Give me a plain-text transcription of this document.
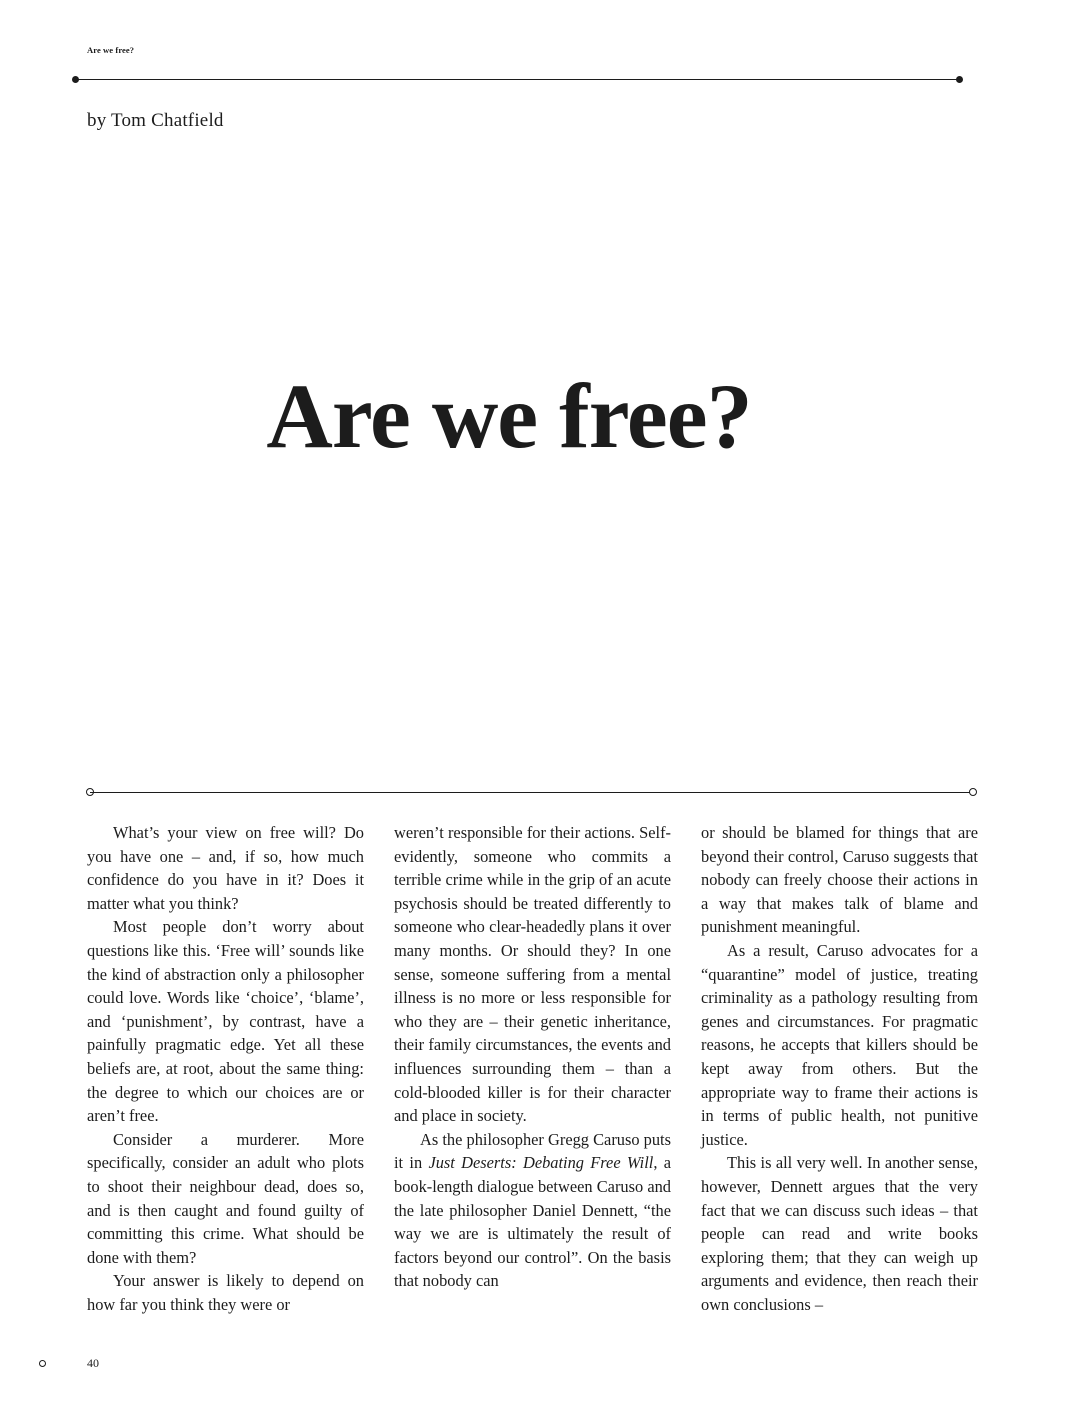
Are we free?
by Tom Chatfield
Are we free?

What’s your view on free will? Do you have one – and, if so, how much confidence do you have in it? Does it matter what you think?

Most people don’t worry about questions like this. ‘Free will’ sounds like the kind of abstraction only a philosopher could love. Words like ‘choice’, ‘blame’, and ‘punishment’, by contrast, have a painfully pragmatic edge. Yet all these beliefs are, at root, about the same thing: the degree to which our choices are or aren’t free.

Consider a murderer. More specifically, consider an adult who plots to shoot their neighbour dead, does so, and is then caught and found guilty of committing this crime. What should be done with them?

Your answer is likely to depend on how far you think they were or

weren’t responsible for their actions. Self-evidently, someone who commits a terrible crime while in the grip of an acute psychosis should be treated differently to someone who clear-headedly plans it over many months. Or should they? In one sense, someone suffering from a mental illness is no more or less responsible for who they are – their genetic inheritance, their family circumstances, the events and influences surrounding them – than a cold-blooded killer is for their character and place in society.

As the philosopher Gregg Caruso puts it in Just Deserts: Debating Free Will, a book-length dialogue between Caruso and the late philosopher Daniel Dennett, “the way we are is ultimately the result of factors beyond our control”. On the basis that nobody can

or should be blamed for things that are beyond their control, Caruso suggests that nobody can freely choose their actions in a way that makes talk of blame and punishment meaningful.

As a result, Caruso advocates for a “quarantine” model of justice, treating criminality as a pathology resulting from genes and circumstances. For pragmatic reasons, he accepts that killers should be kept away from others. But the appropriate way to frame their actions is in terms of public health, not punitive justice.

This is all very well. In another sense, however, Dennett argues that the very fact that we can discuss such ideas – that people can read and write books exploring them; that they can weigh up arguments and evidence, then reach their own conclusions –

40
